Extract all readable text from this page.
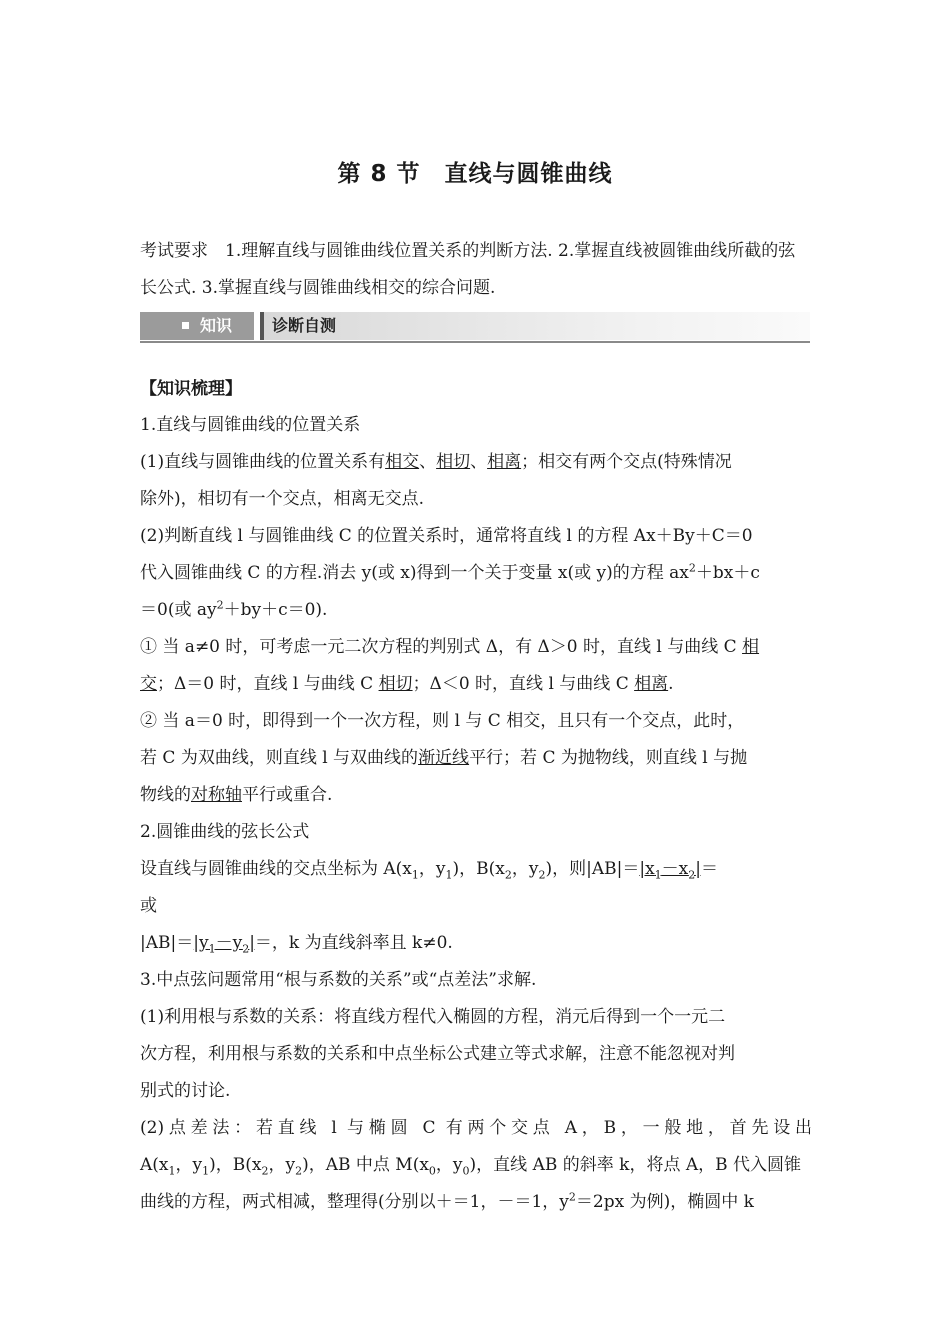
第 8 节　直线与圆锥曲线
考试要求　1.理解直线与圆锥曲线位置关系的判断方法. 2.掌握直线被圆锥曲线所截的弦长公式. 3.掌握直线与圆锥曲线相交的综合问题.
知识 诊断自测
【知识梳理】
1.直线与圆锥曲线的位置关系
(1)直线与圆锥曲线的位置关系有相交、相切、相离；相交有两个交点(特殊情况
除外)，相切有一个交点，相离无交点.
(2)判断直线 l 与圆锥曲线 C 的位置关系时，通常将直线 l 的方程 Ax＋By＋C＝0
代入圆锥曲线 C 的方程.消去 y(或 x)得到一个关于变量 x(或 y)的方程 $ax^2+bx+c$
＝0(或 $ay^2+by+c=0$).
① 当 a≠0 时，可考虑一元二次方程的判别式 Δ，有 Δ＞0 时，直线 l 与曲线 C 相
交；Δ＝0 时，直线 l 与曲线 C 相切；Δ＜0 时，直线 l 与曲线 C 相离.
② 当 a＝0 时，即得到一个一次方程，则 l 与 C 相交，且只有一个交点，此时，
若 C 为双曲线，则直线 l 与双曲线的渐近线平行；若 C 为抛物线，则直线 l 与抛
物线的对称轴平行或重合.
2.圆锥曲线的弦长公式
设直线与圆锥曲线的交点坐标为 $A(x_1$，$y_1$)，$B(x_2$，$y_2$)，则$|AB|=|x_1-x_2|=$
或
$|AB|=|y_1-y_2|=$，k 为直线斜率且 k≠0.
3.中点弦问题常用“根与系数的关系”或“点差法”求解.
(1)利用根与系数的关系：将直线方程代入椭圆的方程，消元后得到一个一元二
次方程，利用根与系数的关系和中点坐标公式建立等式求解，注意不能忽视对判
别式的讨论.
(2)点差法：若直线 l 与椭圆 C 有两个交点 A，B，一般地，首先设出
$A(x_1$，$y_1$)，$B(x_2$，$y_2$)，AB 中点 $M(x_0$，$y_0$)，直线 AB 的斜率 k，将点 A，B 代入圆锥
曲线的方程，两式相减，整理得(分别以＋＝1，－＝1，$y^2=2px$ 为例)，椭圆中 k
